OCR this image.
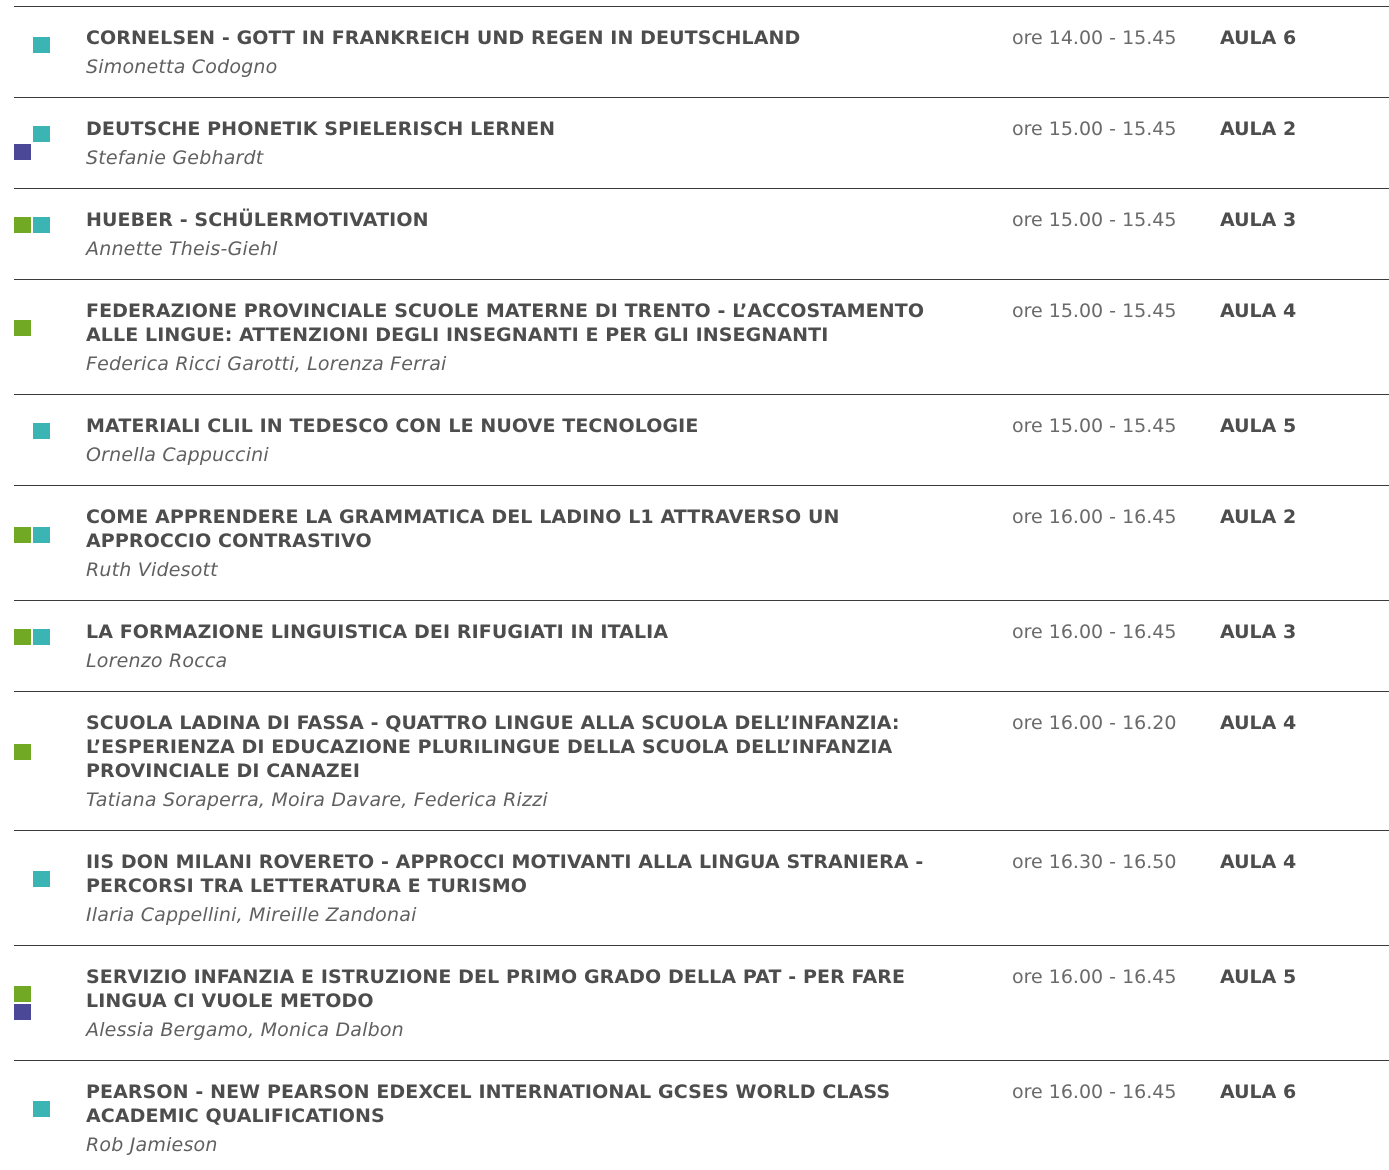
CORNELSEN - GOTT IN FRANKREICH UND REGEN IN DEUTSCHLAND
Simonetta Codogno
ore 14.00 - 15.45 AULA 6
DEUTSCHE PHONETIK SPIELERISCH LERNEN
Stefanie Gebhardt
ore 15.00 - 15.45 AULA 2
HUEBER - SCHÜLERMOTIVATION
Annette Theis-Giehl
ore 15.00 - 15.45 AULA 3
FEDERAZIONE PROVINCIALE SCUOLE MATERNE DI TRENTO - L’ACCOSTAMENTO ALLE LINGUE: ATTENZIONI DEGLI INSEGNANTI E PER GLI INSEGNANTI
Federica Ricci Garotti, Lorenza Ferrai
ore 15.00 - 15.45 AULA 4
MATERIALI CLIL IN TEDESCO CON LE NUOVE TECNOLOGIE
Ornella Cappuccini
ore 15.00 - 15.45 AULA 5
COME APPRENDERE LA GRAMMATICA DEL LADINO L1 ATTRAVERSO UN APPROCCIO CONTRASTIVO
Ruth Videsott
ore 16.00 - 16.45 AULA 2
LA FORMAZIONE LINGUISTICA DEI RIFUGIATI IN ITALIA
Lorenzo Rocca
ore 16.00 - 16.45 AULA 3
SCUOLA LADINA DI FASSA - QUATTRO LINGUE ALLA SCUOLA DELL’INFANZIA: L’ESPERIENZA DI EDUCAZIONE PLURILINGUE DELLA SCUOLA DELL’INFANZIA PROVINCIALE DI CANAZEI
Tatiana Soraperra, Moira Davare, Federica Rizzi
ore 16.00 - 16.20 AULA 4
IIS DON MILANI ROVERETO - APPROCCI MOTIVANTI ALLA LINGUA STRANIERA - PERCORSI TRA LETTERATURA E TURISMO
Ilaria Cappellini, Mireille Zandonai
ore 16.30 - 16.50 AULA 4
SERVIZIO INFANZIA E ISTRUZIONE DEL PRIMO GRADO DELLA PAT - PER FARE LINGUA CI VUOLE METODO
Alessia Bergamo, Monica Dalbon
ore 16.00 - 16.45 AULA 5
PEARSON - NEW PEARSON EDEXCEL INTERNATIONAL GCSES WORLD CLASS ACADEMIC QUALIFICATIONS
Rob Jamieson
ore 16.00 - 16.45 AULA 6
